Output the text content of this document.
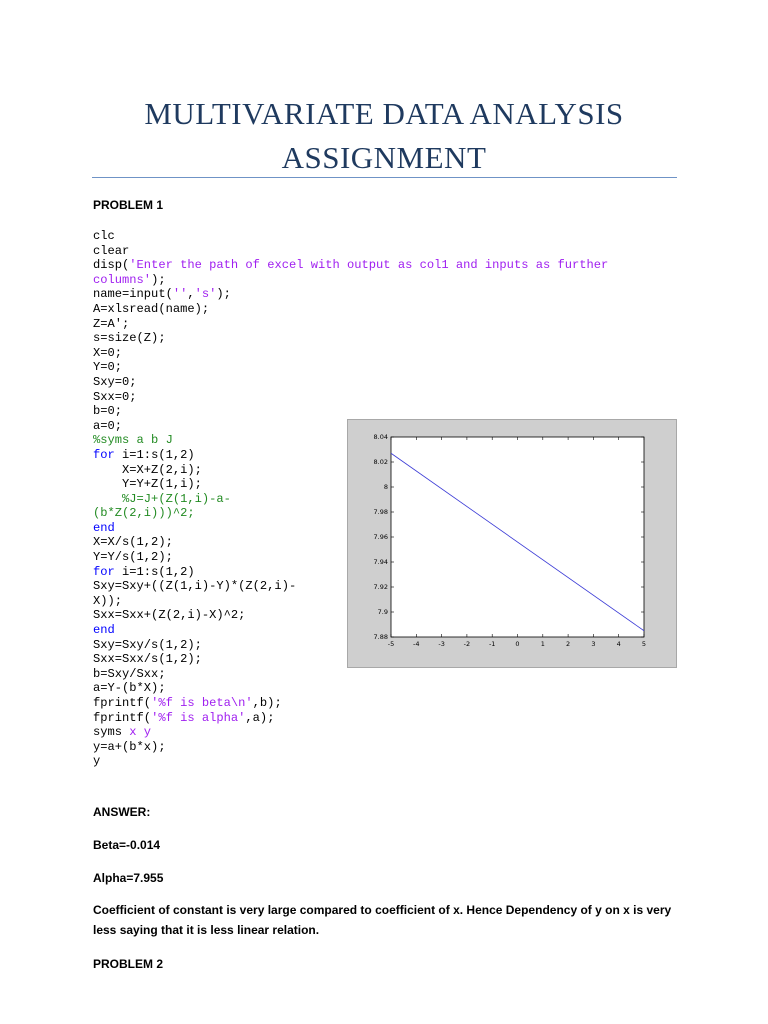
MULTIVARIATE DATA ANALYSIS
ASSIGNMENT
PROBLEM 1
clc
clear
disp('Enter the path of excel with output as col1 and inputs as further
columns');
name=input('','s');
A=xlsread(name);
Z=A';
s=size(Z);
X=0;
Y=0;
Sxy=0;
Sxx=0;
b=0;
a=0;
%syms a b J
for i=1:s(1,2)
X=X+Z(2,i);
Y=Y+Z(1,i);
%J=J+(Z(1,i)-a-
(b*Z(2,i)))^2;
end
X=X/s(1,2);
Y=Y/s(1,2);
for i=1:s(1,2)
Sxy=Sxy+((Z(1,i)-Y)*(Z(2,i)-
X));
Sxx=Sxx+(Z(2,i)-X)^2;
end
Sxy=Sxy/s(1,2);
Sxx=Sxx/s(1,2);
b=Sxy/Sxx;
a=Y-(b*X);
fprintf('%f is beta\n',b);
fprintf('%f is alpha',a);
syms x y
y=a+(b*x);
y
-5	-4	-3	-2	-1	0	1	2	3	4	5
7.88
7.9
7.92
7.94
7.96
7.98
8
8.02
8.04
ANSWER:
Beta=-0.014
Alpha=7.955
Coefficient of constant is very large compared to coefficient of x. Hence Dependency of y on x is very less saying that it is less linear relation.
PROBLEM 2
